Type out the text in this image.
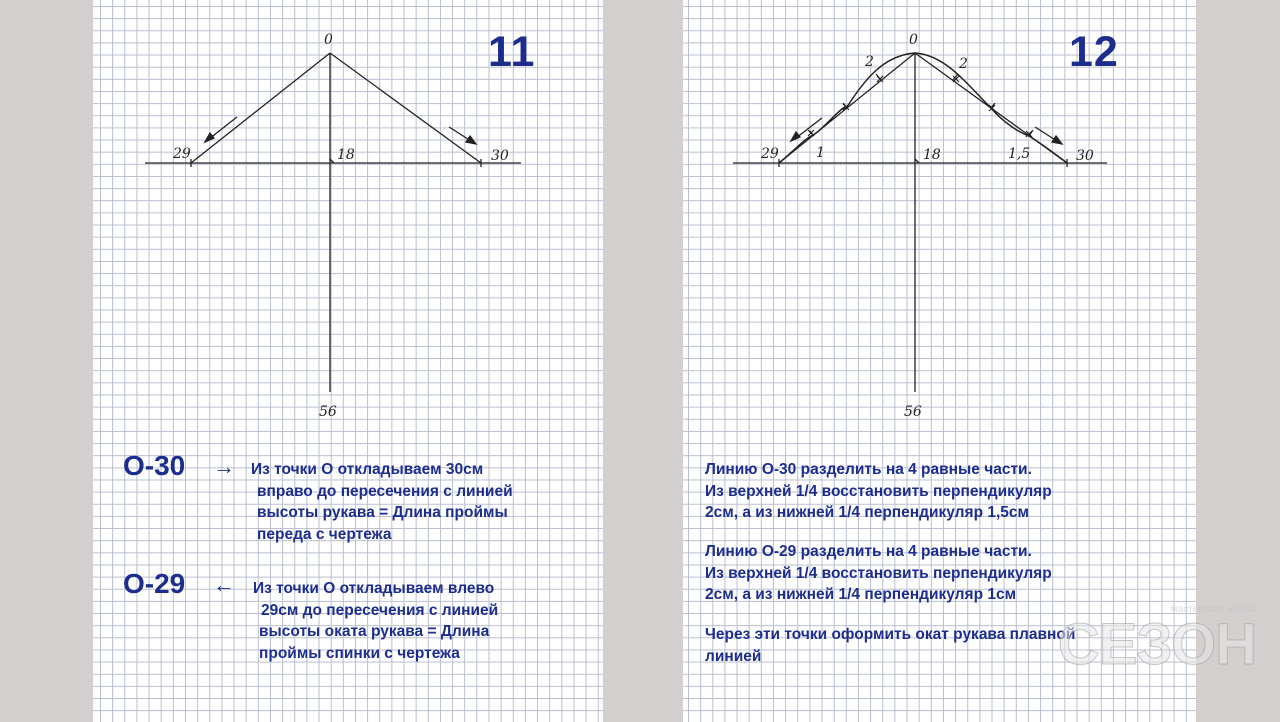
11
0
29	18	30
56
О-30 → Из точки О откладываем 30см
вправо до пересечения с линией
высоты рукава = Длина проймы
переда с чертежа
О-29 ← Из точки О откладываем влево
29см до пересечения с линией
высоты оката рукава = Длина
проймы спинки с чертежа
12
0
29	18	30
56
2	2
1	1,5
Линию О-30 разделить на 4 равные части.
Из верхней 1/4 восстановить перпендикуляр
2см, а из нижней 1/4 перпендикуляр 1,5см
Линию О-29 разделить на 4 равные части.
Из верхней 1/4 восстановить перпендикуляр
2см, а из нижней 1/4 перпендикуляр 1см
Через эти точки оформить окат рукава плавной
линией
мастерская шитья
СЕЗОН
